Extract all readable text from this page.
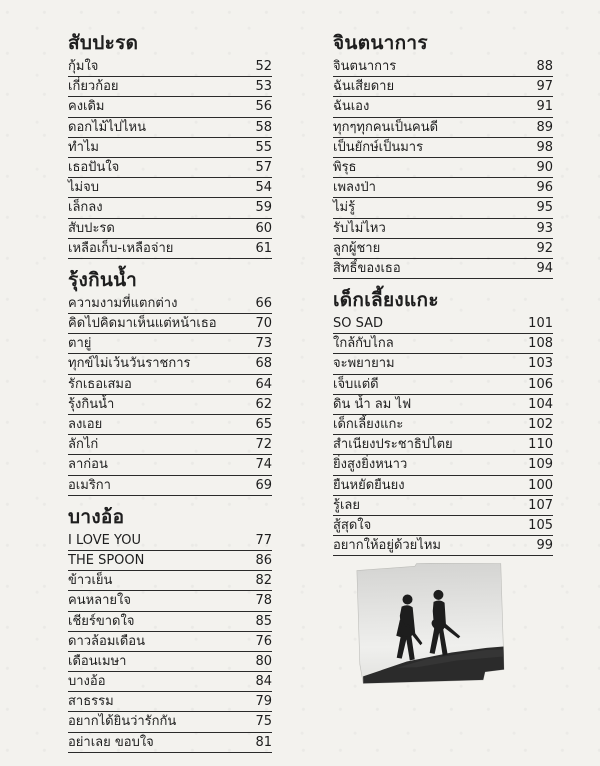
สับปะรด
กุ้มใจ	52
เกี่ยวก้อย	53
คงเดิม	56
ดอกไม้ไปไหน	58
ทำไม	55
เธอปันใจ	57
ไม่จบ	54
เล็กลง	59
สับปะรด	60
เหลือเก็บ-เหลือจ่าย	61
รุ้งกินน้ำ
ความงามที่แตกต่าง	66
คิดไปคิดมาเห็นแต่หน้าเธอ	70
ตายู่	73
ทุกข์ไม่เว้นวันราชการ	68
รักเธอเสมอ	64
รุ้งกินน้ำ	62
ลงเอย	65
ลักไก่	72
ลาก่อน	74
อเมริกา	69
บางอ้อ
I LOVE YOU	77
THE SPOON	86
ข้าวเย็น	82
คนหลายใจ	78
เชียร์ขาดใจ	85
ดาวล้อมเดือน	76
เดือนเมษา	80
บางอ้อ	84
สาธรรม	79
อยากได้ยินว่ารักกัน	75
อย่าเลย ขอบใจ	81
จินตนาการ
จินตนาการ	88
ฉันเสียดาย	97
ฉันเอง	91
ทุกๆทุกคนเป็นคนดี	89
เป็นยักษ์เป็นมาร	98
พิรุธ	90
เพลงป่า	96
ไม่รู้	95
รับไม่ไหว	93
ลูกผู้ชาย	92
สิทธิ์ของเธอ	94
เด็กเลี้ยงแกะ
SO SAD	101
ใกล้กับไกล	108
จะพยายาม	103
เจ็บแต่ดี	106
ดิน น้ำ ลม ไฟ	104
เด็กเลี้ยงแกะ	102
สำเนียงประชาธิปไตย	110
ยิ่งสูงยิ่งหนาว	109
ยืนหยัดยืนยง	100
รู้เลย	107
สู้สุดใจ	105
อยากให้อยู่ด้วยไหม	99
